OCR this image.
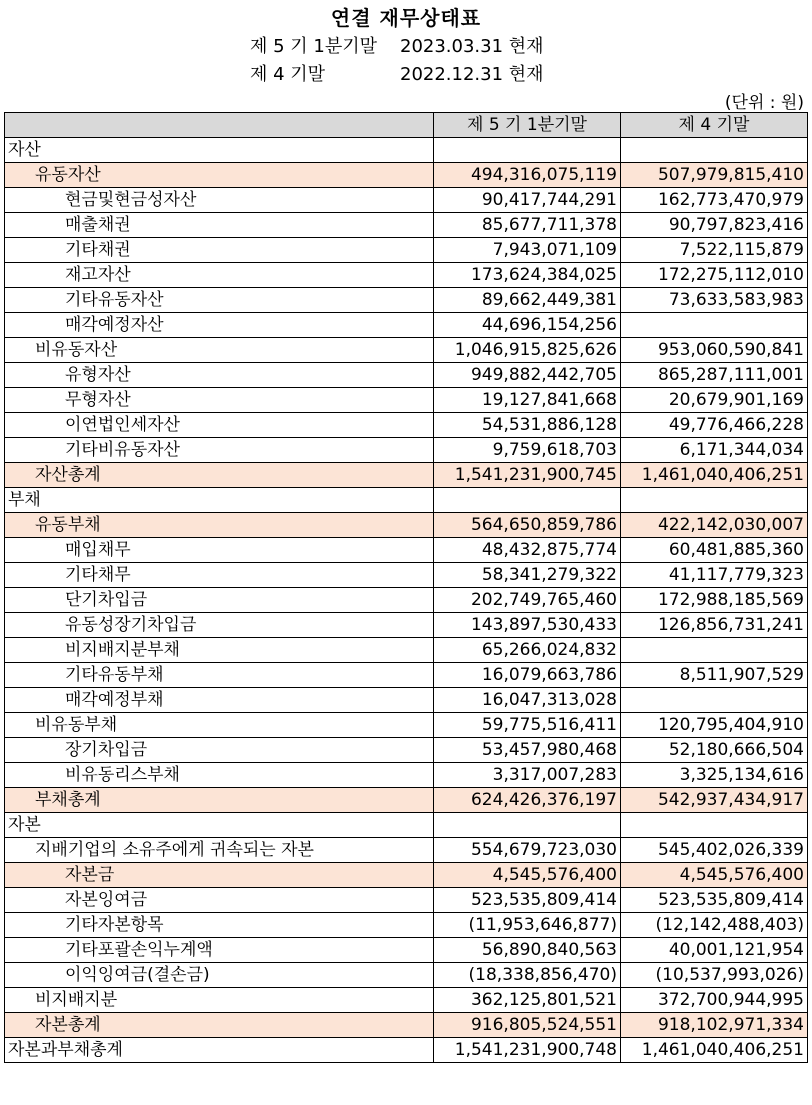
연결 재무상태표
제 5 기 1분기말 2023.03.31 현재
제 4 기말	2022.12.31 현재
(단위 : 원)
	제 5 기 1분기말	제 4 기말
자산		
유동자산	494,316,075,119	507,979,815,410
현금및현금성자산	90,417,744,291	162,773,470,979
매출채권	85,677,711,378	90,797,823,416
기타채권	7,943,071,109	7,522,115,879
재고자산	173,624,384,025	172,275,112,010
기타유동자산	89,662,449,381	73,633,583,983
매각예정자산	44,696,154,256	
비유동자산	1,046,915,825,626	953,060,590,841
유형자산	949,882,442,705	865,287,111,001
무형자산	19,127,841,668	20,679,901,169
이연법인세자산	54,531,886,128	49,776,466,228
기타비유동자산	9,759,618,703	6,171,344,034
자산총계	1,541,231,900,745	1,461,040,406,251
부채		
유동부채	564,650,859,786	422,142,030,007
매입채무	48,432,875,774	60,481,885,360
기타채무	58,341,279,322	41,117,779,323
단기차입금	202,749,765,460	172,988,185,569
유동성장기차입금	143,897,530,433	126,856,731,241
비지배지분부채	65,266,024,832	
기타유동부채	16,079,663,786	8,511,907,529
매각예정부채	16,047,313,028	
비유동부채	59,775,516,411	120,795,404,910
장기차입금	53,457,980,468	52,180,666,504
비유동리스부채	3,317,007,283	3,325,134,616
부채총계	624,426,376,197	542,937,434,917
자본		
지배기업의 소유주에게 귀속되는 자본	554,679,723,030	545,402,026,339
자본금	4,545,576,400	4,545,576,400
자본잉여금	523,535,809,414	523,535,809,414
기타자본항목	(11,953,646,877)	(12,142,488,403)
기타포괄손익누계액	56,890,840,563	40,001,121,954
이익잉여금(결손금)	(18,338,856,470)	(10,537,993,026)
비지배지분	362,125,801,521	372,700,944,995
자본총계	916,805,524,551	918,102,971,334
자본과부채총계	1,541,231,900,748	1,461,040,406,251
